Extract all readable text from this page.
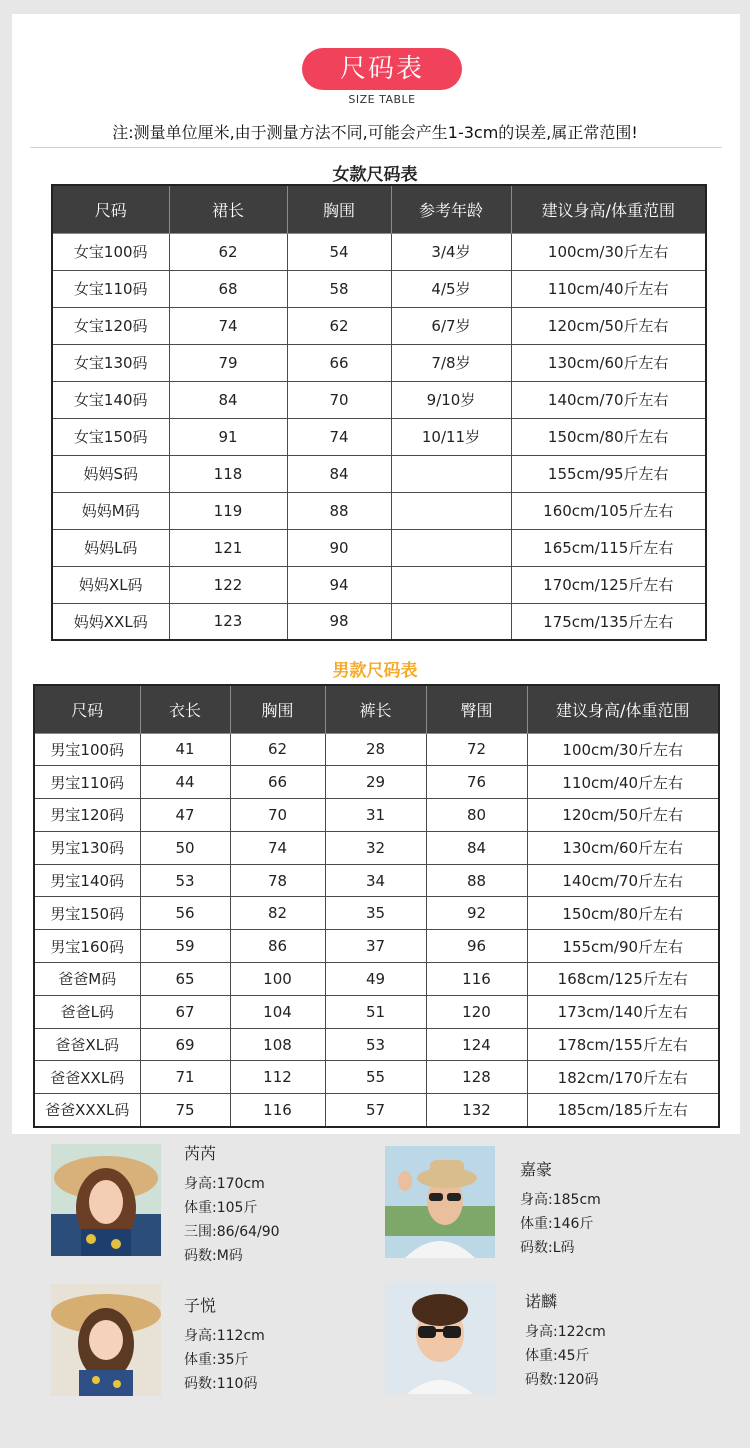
尺码表
SIZE TABLE
注:测量单位厘米,由于测量方法不同,可能会产生1-3cm的误差,属正常范围!
女款尺码表
尺码	裙长	胸围	参考年龄	建议身高/体重范围
女宝100码	62	54	3/4岁	100cm/30斤左右
女宝110码	68	58	4/5岁	110cm/40斤左右
女宝120码	74	62	6/7岁	120cm/50斤左右
女宝130码	79	66	7/8岁	130cm/60斤左右
女宝140码	84	70	9/10岁	140cm/70斤左右
女宝150码	91	74	10/11岁	150cm/80斤左右
妈妈S码	118	84		155cm/95斤左右
妈妈M码	119	88		160cm/105斤左右
妈妈L码	121	90		165cm/115斤左右
妈妈XL码	122	94		170cm/125斤左右
妈妈XXL码	123	98		175cm/135斤左右
男款尺码表
尺码	衣长	胸围	裤长	臀围	建议身高/体重范围
男宝100码	41	62	28	72	100cm/30斤左右
男宝110码	44	66	29	76	110cm/40斤左右
男宝120码	47	70	31	80	120cm/50斤左右
男宝130码	50	74	32	84	130cm/60斤左右
男宝140码	53	78	34	88	140cm/70斤左右
男宝150码	56	82	35	92	150cm/80斤左右
男宝160码	59	86	37	96	155cm/90斤左右
爸爸M码	65	100	49	116	168cm/125斤左右
爸爸L码	67	104	51	120	173cm/140斤左右
爸爸XL码	69	108	53	124	178cm/155斤左右
爸爸XXL码	71	112	55	128	182cm/170斤左右
爸爸XXXL码	75	116	57	132	185cm/185斤左右
芮芮
身高:170cm
体重:105斤
三围:86/64/90
码数:M码
嘉豪
身高:185cm
体重:146斤
码数:L码
子悦
身高:112cm
体重:35斤
码数:110码
诺麟
身高:122cm
体重:45斤
码数:120码
